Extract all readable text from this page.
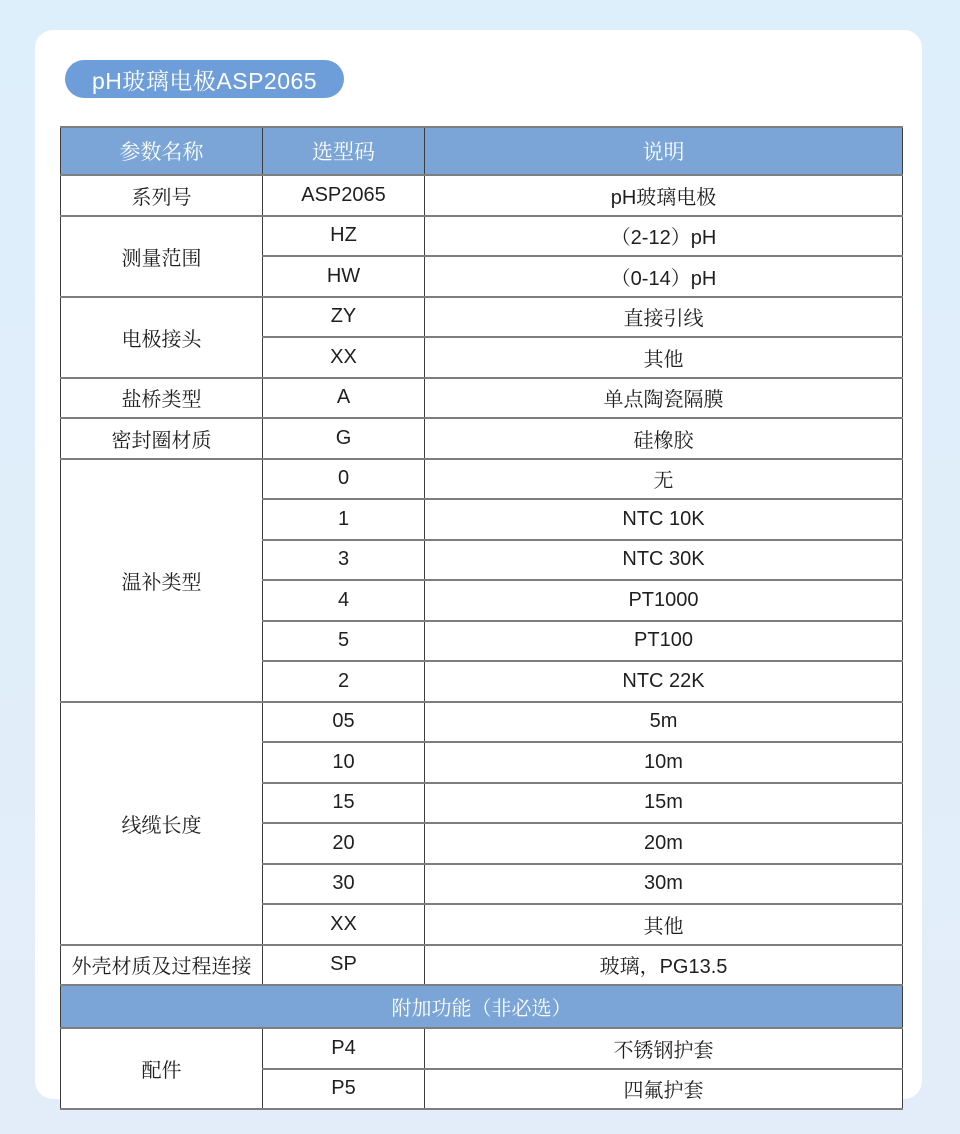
pH玻璃电极ASP2065
参数名称	选型码	说明
系列号	ASP2065	pH玻璃电极
测量范围	HZ	（2-12）pH
	HW	（0-14）pH
电极接头	ZY	直接引线
	XX	其他
盐桥类型	A	单点陶瓷隔膜
密封圈材质	G	硅橡胶
温补类型	0	无
	1	NTC 10K
	3	NTC 30K
	4	PT1000
	5	PT100
	2	NTC 22K
线缆长度	05	5m
	10	10m
	15	15m
	20	20m
	30	30m
	XX	其他
外壳材质及过程连接	SP	玻璃，PG13.5
附加功能（非必选）		
配件	P4	不锈钢护套
	P5	四氟护套
